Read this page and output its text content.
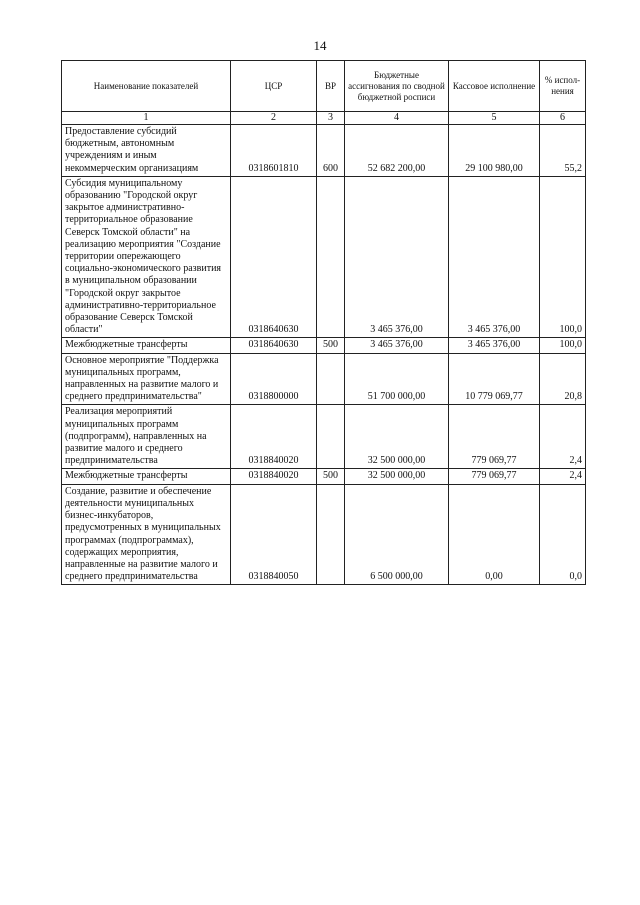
14
Наименование показателей	ЦСР	ВР	Бюджетные ассигнования по сводной бюджетной росписи	Кассовое исполнение	% испол-нения
1	2	3	4	5	6
Предоставление субсидий бюджетным, автономным учреждениям и иным некоммерческим организациям	0318601810	600	52 682 200,00	29 100 980,00	55,2
Субсидия муниципальному образованию "Городской округ закрытое административно-территориальное образование Северск Томской области" на реализацию мероприятия "Создание территории опережающего социально-экономического развития в муниципальном образовании "Городской округ закрытое административно-территориальное образование Северск Томской области"	0318640630		3 465 376,00	3 465 376,00	100,0
Межбюджетные трансферты	0318640630	500	3 465 376,00	3 465 376,00	100,0
Основное мероприятие "Поддержка муниципальных программ, направленных на развитие малого и среднего предпринимательства"	0318800000		51 700 000,00	10 779 069,77	20,8
Реализация мероприятий муниципальных программ (подпрограмм), направленных на развитие малого и среднего предпринимательства	0318840020		32 500 000,00	779 069,77	2,4
Межбюджетные трансферты	0318840020	500	32 500 000,00	779 069,77	2,4
Создание, развитие и обеспечение деятельности муниципальных бизнес-инкубаторов, предусмотренных в муниципальных программах (подпрограммах), содержащих мероприятия, направленные на развитие малого и среднего предпринимательства	0318840050		6 500 000,00	0,00	0,0
